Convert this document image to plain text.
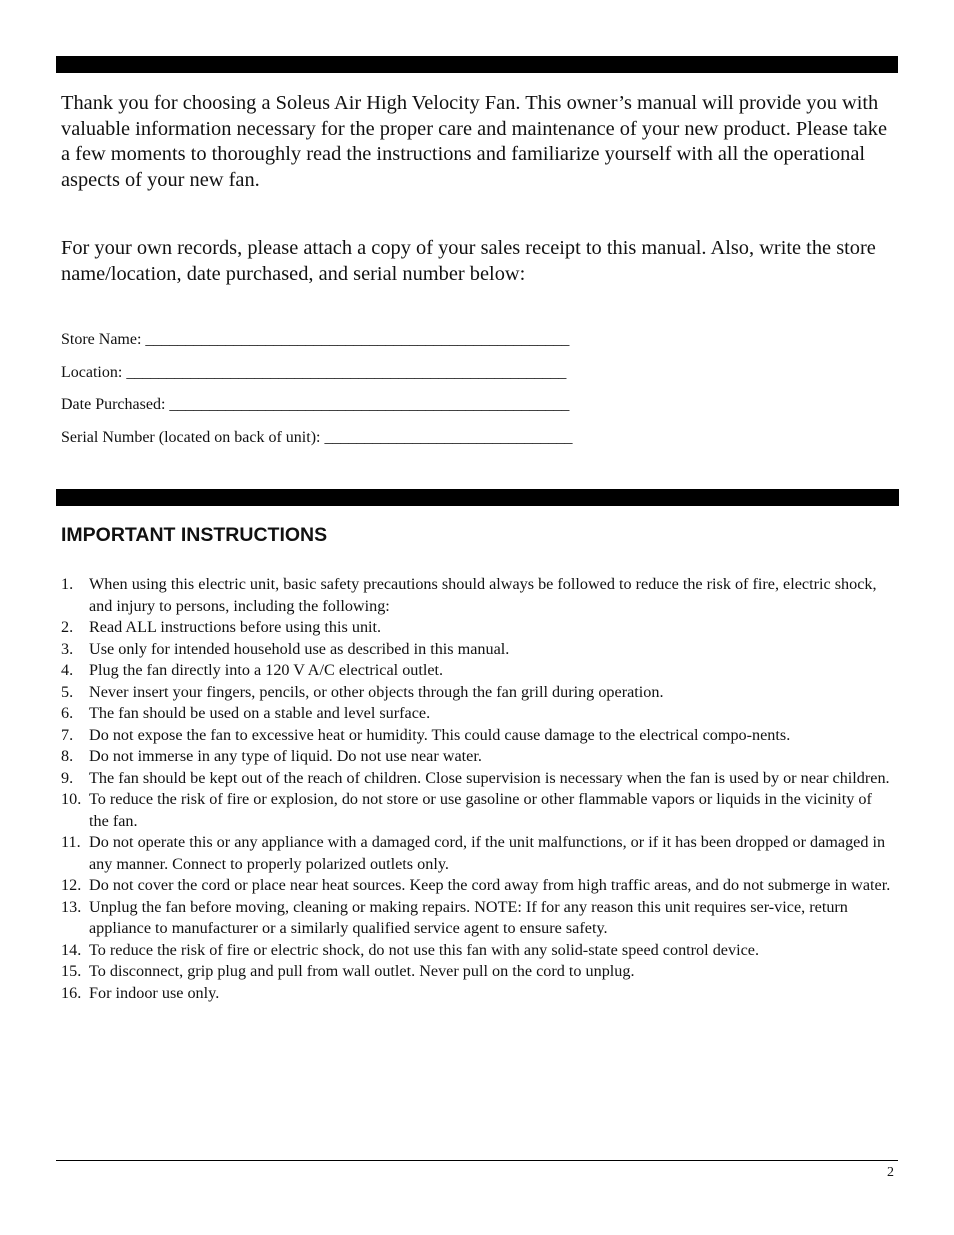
Thank you for choosing a Soleus Air High Velocity Fan. This owner’s manual will provide you with valuable information necessary for the proper care and maintenance of your new product. Please take a few moments to thoroughly read the instructions and familiarize yourself with all the operational aspects of your new fan.

For your own records, please attach a copy of your sales receipt to this manual. Also, write the store name/location, date purchased, and serial number below:

Store Name: _____________________________________________________
Location: _______________________________________________________
Date Purchased: __________________________________________________
Serial Number (located on back of unit): _______________________________
IMPORTANT INSTRUCTIONS
1. When using this electric unit, basic safety precautions should always be followed to reduce the risk of fire, electric shock, and injury to persons, including the following:
2. Read ALL instructions before using this unit.
3. Use only for intended household use as described in this manual.
4. Plug the fan directly into a 120 V A/C electrical outlet.
5. Never insert your fingers, pencils, or other objects through the fan grill during operation.
6. The fan should be used on a stable and level surface.
7. Do not expose the fan to excessive heat or humidity. This could cause damage to the electrical compo-nents.
8. Do not immerse in any type of liquid. Do not use near water.
9. The fan should be kept out of the reach of children. Close supervision is necessary when the fan is used by or near children.
10. To reduce the risk of fire or explosion, do not store or use gasoline or other flammable vapors or liquids in the vicinity of the fan.
11. Do not operate this or any appliance with a damaged cord, if the unit malfunctions, or if it has been dropped or damaged in any manner. Connect to properly polarized outlets only.
12. Do not cover the cord or place near heat sources. Keep the cord away from high traffic areas, and do not submerge in water.
13. Unplug the fan before moving, cleaning or making repairs. NOTE: If for any reason this unit requires ser-vice, return appliance to manufacturer or a similarly qualified service agent to ensure safety.
14. To reduce the risk of fire or electric shock, do not use this fan with any solid-state speed control device.
15. To disconnect, grip plug and pull from wall outlet. Never pull on the cord to unplug.
16. For indoor use only.
2
